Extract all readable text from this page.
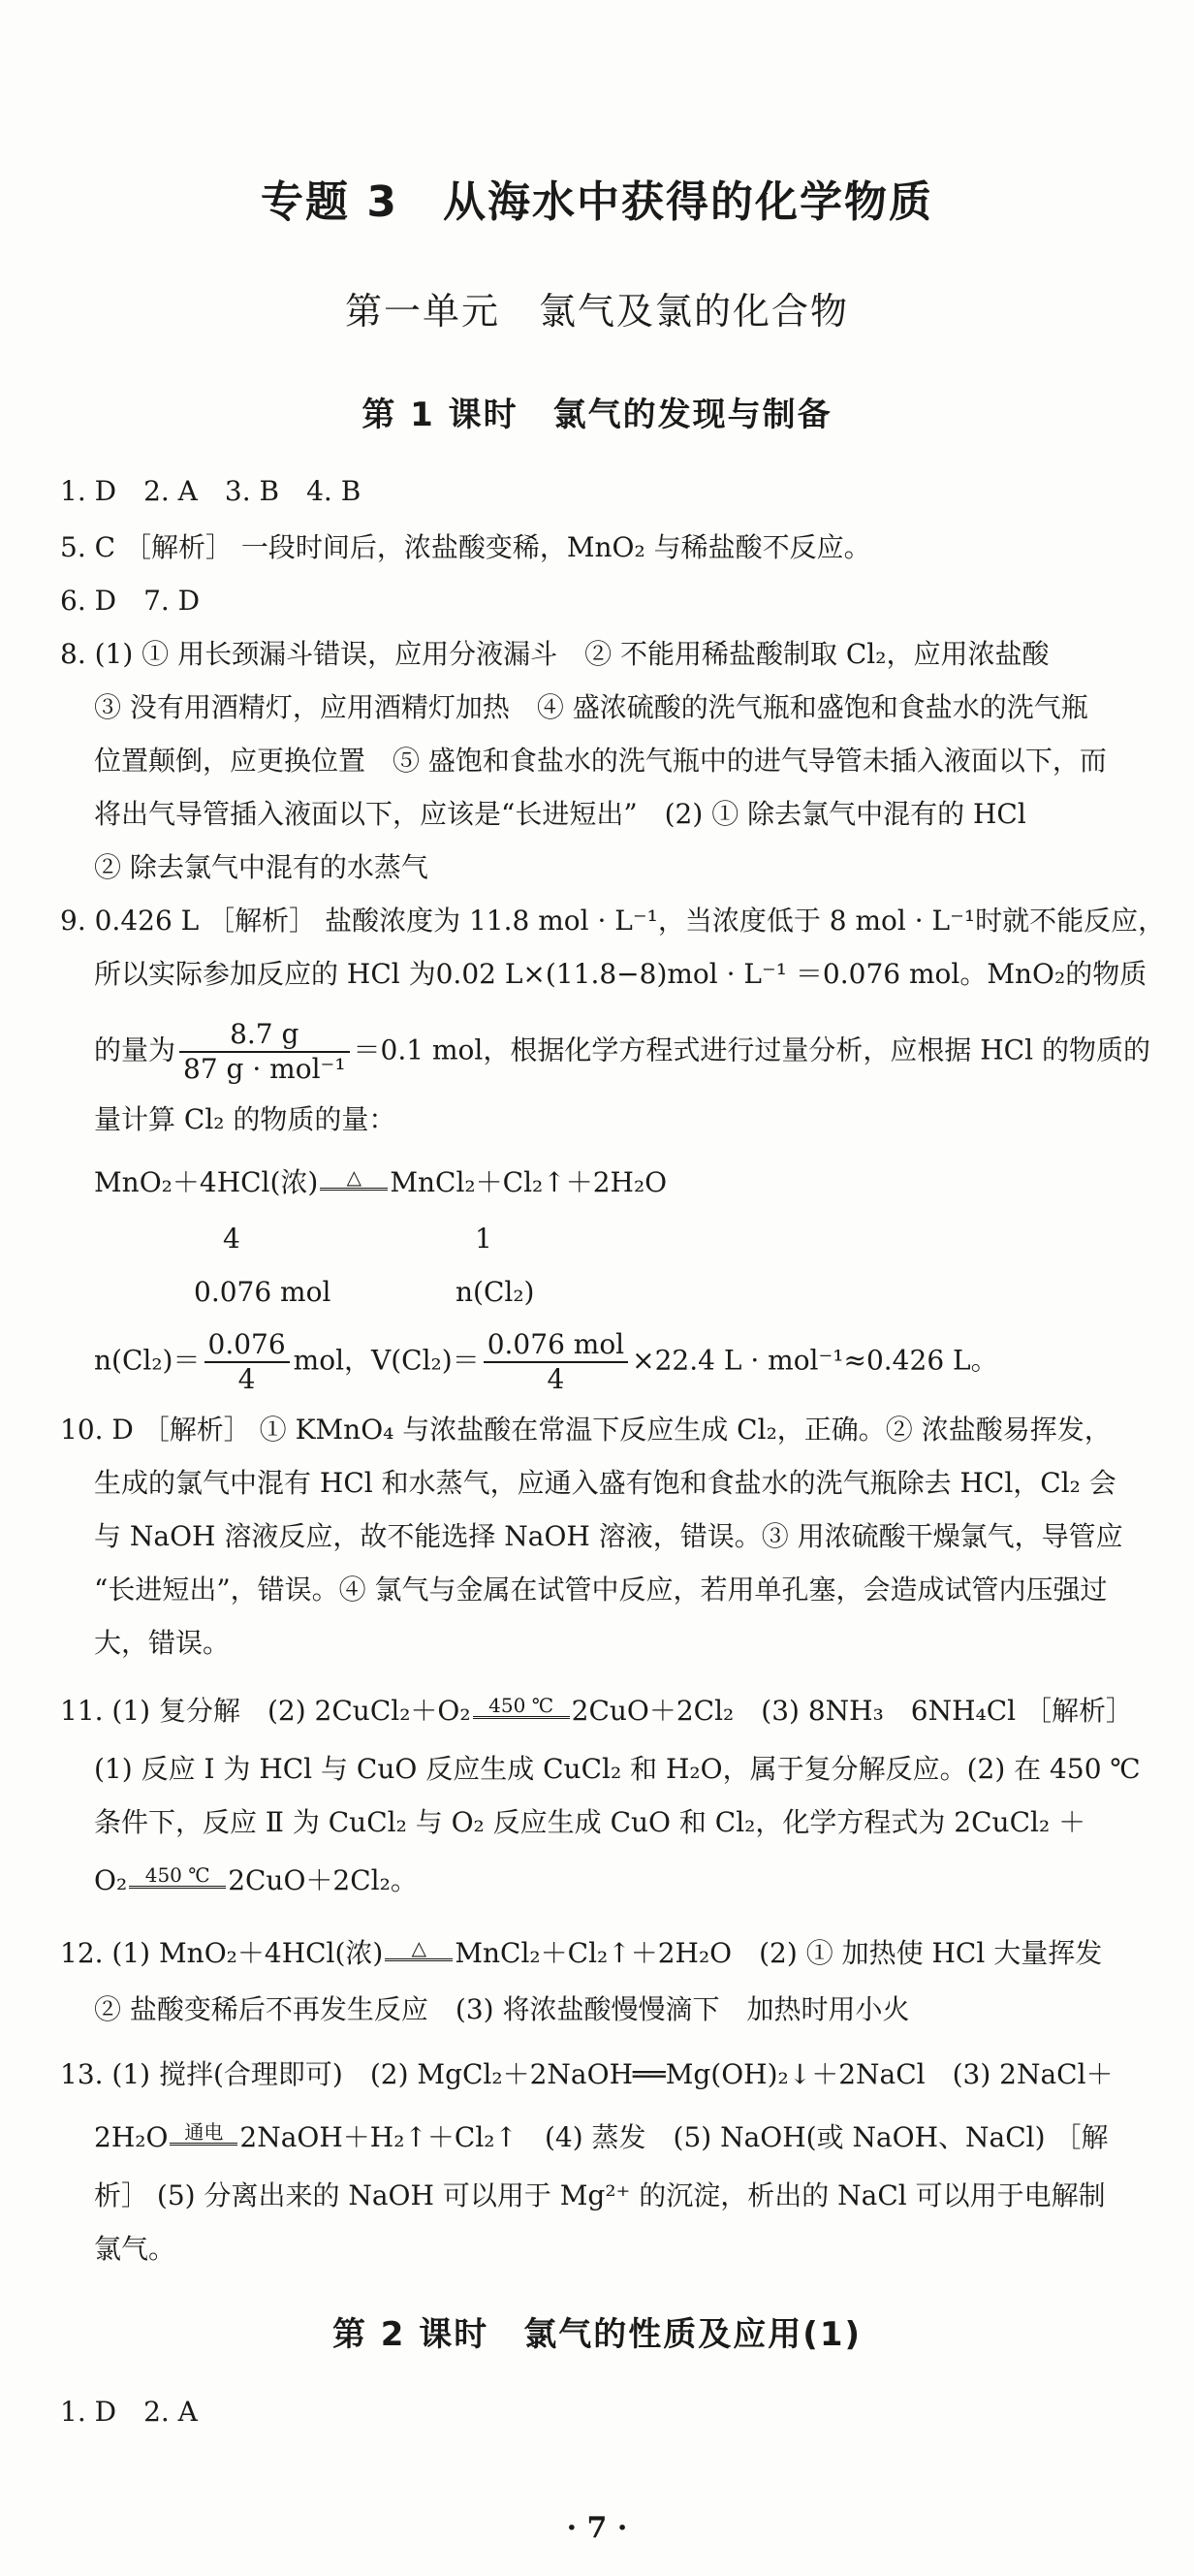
专题 3　从海水中获得的化学物质
第一单元　氯气及氯的化合物
第 1 课时　氯气的发现与制备
1. D　2. A　3. B　4. B
5. C ［解析］ 一段时间后，浓盐酸变稀，MnO₂ 与稀盐酸不反应。
6. D　7. D
8. (1) ① 用长颈漏斗错误，应用分液漏斗　② 不能用稀盐酸制取 Cl₂，应用浓盐酸
③ 没有用酒精灯，应用酒精灯加热　④ 盛浓硫酸的洗气瓶和盛饱和食盐水的洗气瓶
位置颠倒，应更换位置　⑤ 盛饱和食盐水的洗气瓶中的进气导管未插入液面以下，而
将出气导管插入液面以下，应该是“长进短出”　(2) ① 除去氯气中混有的 HCl
② 除去氯气中混有的水蒸气
9. 0.426 L ［解析］ 盐酸浓度为 11.8 mol · L⁻¹，当浓度低于 8 mol · L⁻¹时就不能反应，
所以实际参加反应的 HCl 为0.02 L×(11.8−8)mol · L⁻¹ ＝0.076 mol。MnO₂的物质
的量为 $\frac{8.7 g}{\text{87 g · mol⁻¹}} =0.1$ mol，根据化学方程式进行过量分析，应根据 HCl 的物质的
量计算 Cl₂ 的物质的量：
MnO₂＋4HCl(浓)	△	MnCl₂＋Cl₂↑＋2H₂O
4	1
0.076 mol	n(Cl₂)
$n(Cl_2)= \frac{0.076}{4}$ mol，$V(Cl_2)= \frac{\text{0.076 mol}}{4} \times 22.4$ L · mol⁻¹≈0.426 L。
10. D ［解析］ ① KMnO₄ 与浓盐酸在常温下反应生成 Cl₂，正确。② 浓盐酸易挥发，
生成的氯气中混有 HCl 和水蒸气，应通入盛有饱和食盐水的洗气瓶除去 HCl，Cl₂ 会
与 NaOH 溶液反应，故不能选择 NaOH 溶液，错误。③ 用浓硫酸干燥氯气，导管应
“长进短出”，错误。④ 氯气与金属在试管中反应，若用单孔塞，会造成试管内压强过
大，错误。
11. (1) 复分解　(2) 2CuCl₂＋O₂ 450 ℃ 2CuO＋2Cl₂　(3) 8NH₃　6NH₄Cl ［解析］
(1) 反应 Ⅰ 为 HCl 与 CuO 反应生成 CuCl₂ 和 H₂O，属于复分解反应。(2) 在 450 ℃
条件下，反应 Ⅱ 为 CuCl₂ 与 O₂ 反应生成 CuO 和 Cl₂，化学方程式为 2CuCl₂ ＋
O₂ 450 ℃ 2CuO＋2Cl₂。
12. (1) MnO₂＋4HCl(浓)	△	MnCl₂＋Cl₂↑＋2H₂O　(2) ① 加热使 HCl 大量挥发
② 盐酸变稀后不再发生反应　(3) 将浓盐酸慢慢滴下　加热时用小火
13. (1) 搅拌(合理即可)　(2) MgCl₂＋2NaOH══Mg(OH)₂↓＋2NaCl　(3) 2NaCl＋
2H₂O 通电 2NaOH＋H₂↑＋Cl₂↑　(4) 蒸发　(5) NaOH(或 NaOH、NaCl) ［解
析］ (5) 分离出来的 NaOH 可以用于 Mg²⁺ 的沉淀，析出的 NaCl 可以用于电解制
氯气。
第 2 课时　氯气的性质及应用(1)
1. D　2. A
· 7 ·
